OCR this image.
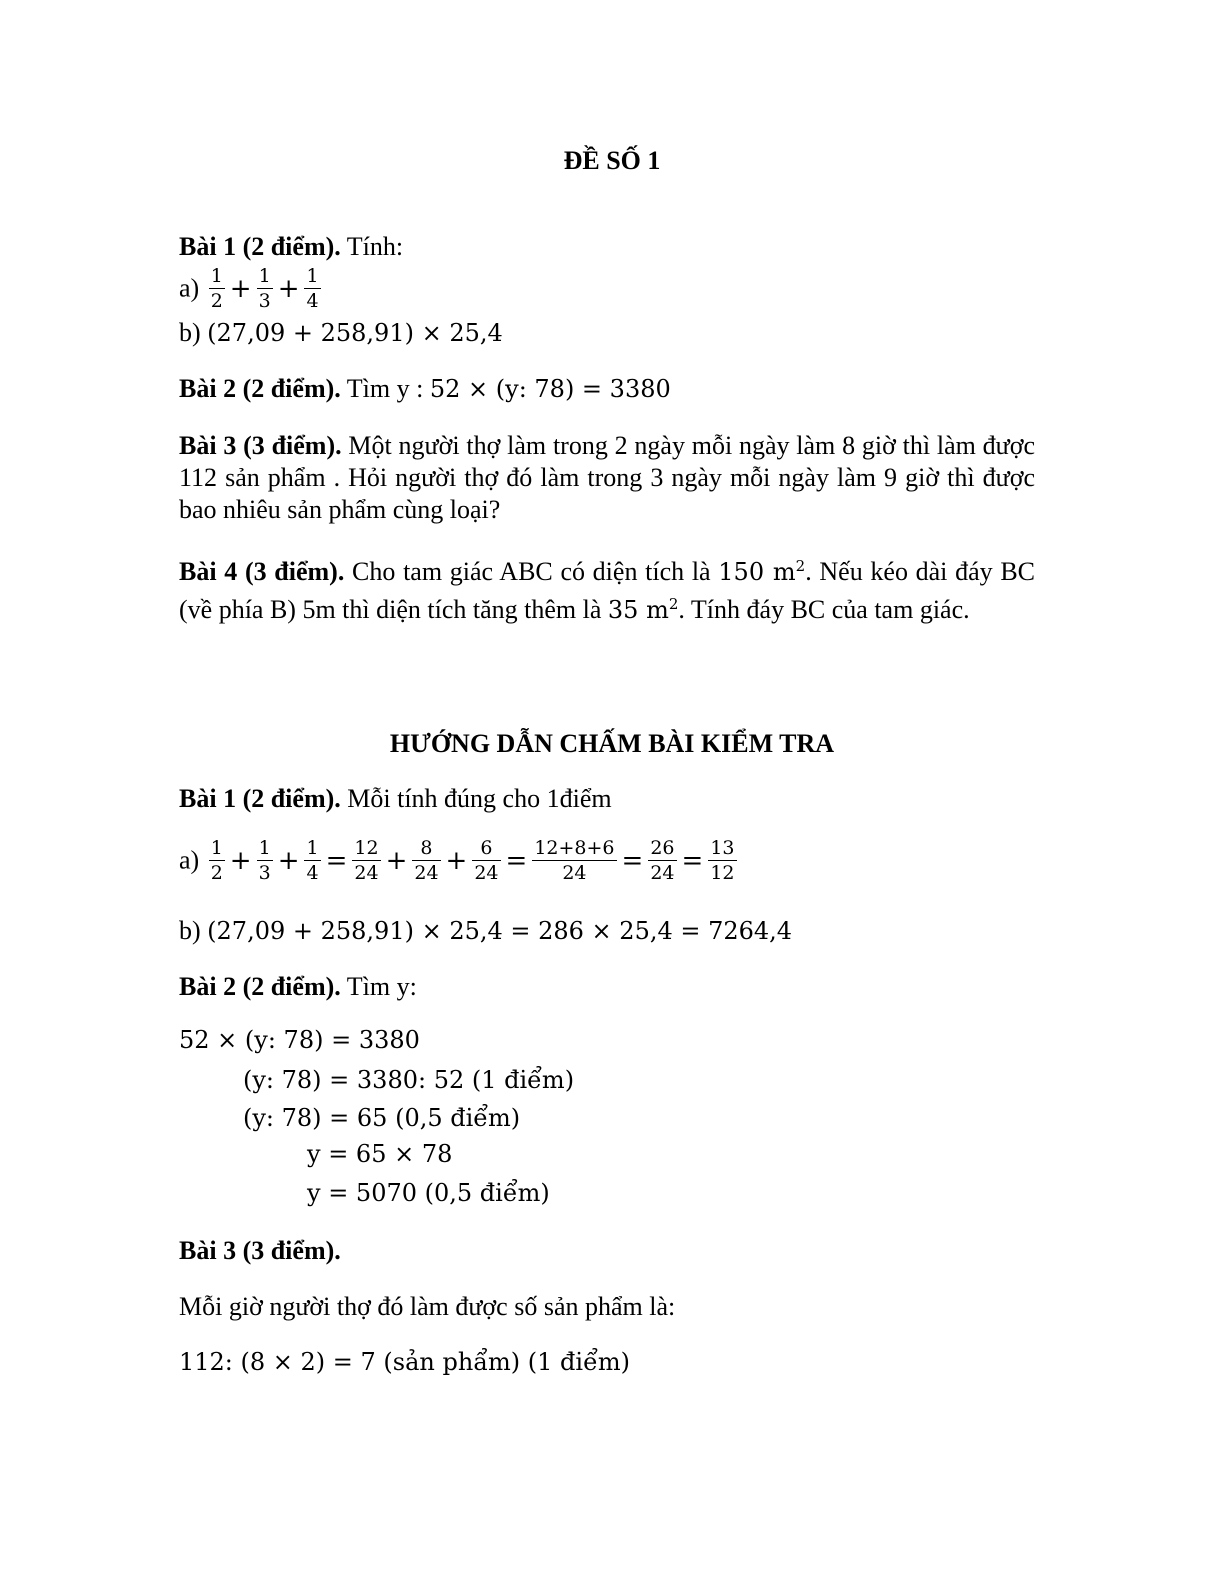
ĐỀ SỐ 1
Bài 1 (2 điểm). Tính:
$a) \frac{1}{2} + \frac{1}{3} + \frac{1}{4}$
b) (27,09 + 258,91) × 25,4
Bài 2 (2 điểm). Tìm y : 52 × (y: 78) = 3380
Bài 3 (3 điểm). Một người thợ làm trong 2 ngày mỗi ngày làm 8 giờ thì làm được 112 sản phẩm . Hỏi người thợ đó làm trong 3 ngày mỗi ngày làm 9 giờ thì được bao nhiêu sản phẩm cùng loại?
Bài 4 (3 điểm). Cho tam giác ABC có diện tích là 150 $m^2$. Nếu kéo dài đáy BC (về phía B) 5m thì diện tích tăng thêm là 35 $m^2$. Tính đáy BC của tam giác.
HƯỚNG DẪN CHẤM BÀI KIỂM TRA
Bài 1 (2 điểm). Mỗi tính đúng cho 1điểm
$a) \frac{1}{2} + \frac{1}{3} + \frac{1}{4} = \frac{12}{24} + \frac{8}{24} + \frac{6}{24} = \frac{12+8+6}{24} = \frac{26}{24} = \frac{13}{12}$
b) (27,09 + 258,91) × 25,4 = 286 × 25,4 = 7264,4
Bài 2 (2 điểm). Tìm y:
52 × (y: 78) = 3380
(y: 78) = 3380: 52 (1 điểm)
(y: 78) = 65 (0,5 điểm)
y = 65 × 78
y = 5070 (0,5 điểm)
Bài 3 (3 điểm).
Mỗi giờ người thợ đó làm được số sản phẩm là:
112: (8 × 2) = 7 (sản phẩm) (1 điểm)
